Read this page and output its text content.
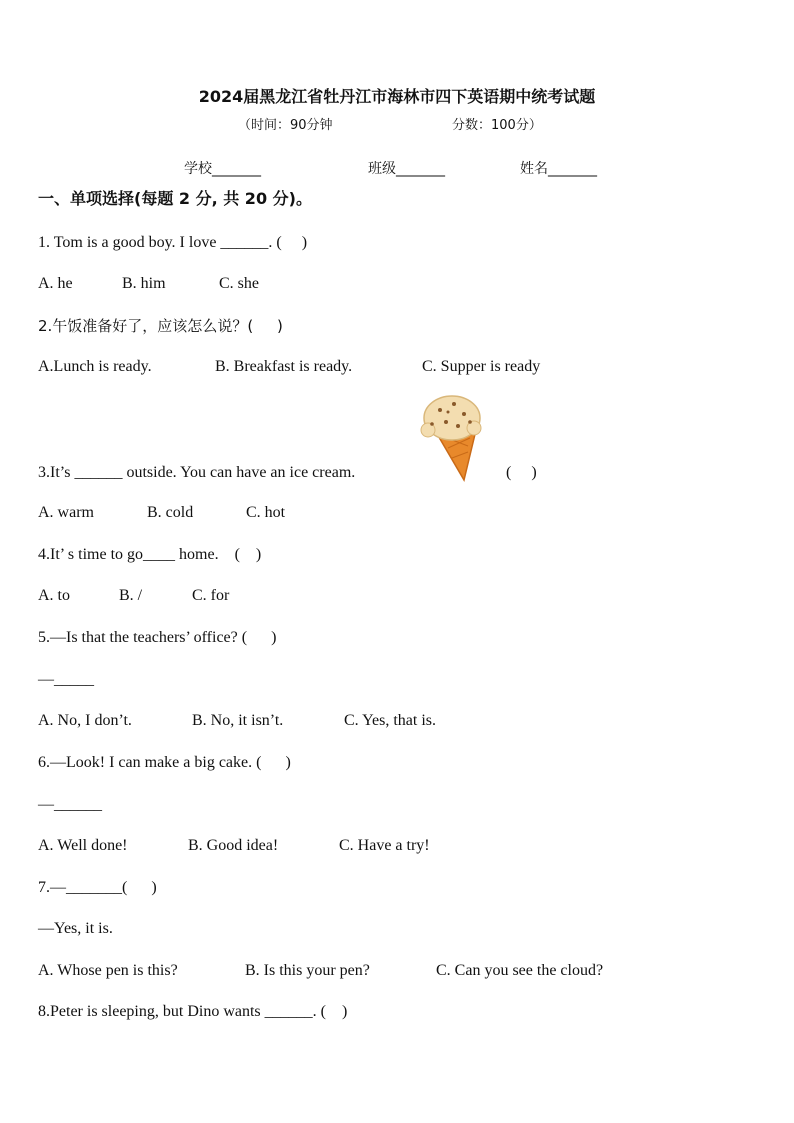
2024届黑龙江省牡丹江市海林市四下英语期中统考试题
（时间：90分钟	分数：100分）
学校_______	班级_______	姓名_______
一、单项选择(每题 2 分, 共 20 分)。
1. Tom is a good boy. I love ______. (     )
A. he	B. him	C. she
2.午饭准备好了，应该怎么说？(     )
A.Lunch is ready.	B. Breakfast is ready.	C. Supper is ready
3.It’s ______ outside. You can have an ice cream.	(     )
A. warm	B. cold	C. hot
4.It’ s time to go____ home.    (    )
A. to	B. /	C. for
5.—Is that the teachers’ office? (      )
—_____
A. No, I don’t.	B. No, it isn’t.	C. Yes, that is.
6.—Look! I can make a big cake. (      )
—______
A. Well done!	B. Good idea!	C. Have a try!
7.—_______(      )
—Yes, it is.
A. Whose pen is this?	B. Is this your pen?	C. Can you see the cloud?
8.Peter is sleeping, but Dino wants ______. (    )
